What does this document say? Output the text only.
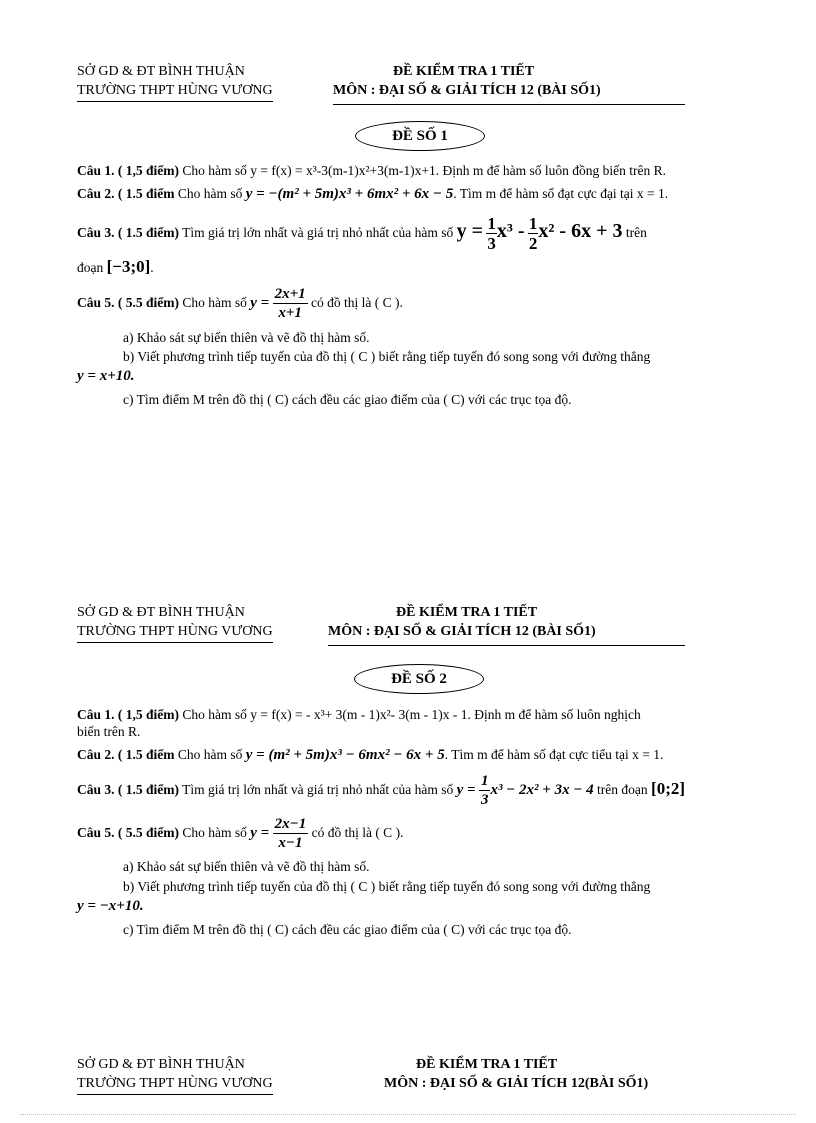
SỞ GD & ĐT BÌNH THUẬN
TRƯỜNG THPT HÙNG VƯƠNG
ĐỀ KIỂM TRA 1 TIẾT
MÔN : ĐẠI SỐ & GIẢI TÍCH 12 (BÀI SỐ1)
ĐỀ SỐ 1
Câu 1. ( 1,5 điểm) Cho hàm số y = f(x) = x³-3(m-1)x²+3(m-1)x+1. Định m để hàm số luôn đồng biến trên R.
Câu 2. ( 1.5 điểm Cho hàm số y = −(m² + 5m)x³ + 6mx² + 6x − 5. Tìm m để hàm số đạt cực đại tại x = 1.
Câu 3. ( 1.5 điểm) Tìm giá trị lớn nhất và giá trị nhỏ nhất của hàm số $y = \frac{1}{3} x^3 - \frac{1}{2} x^2 - 6x + 3$ trên
đoạn [−3;0].
Câu 5. ( 5.5 điểm) Cho hàm số $y = \frac{2x+1}{x+1}$ có đồ thị là ( C ).
a) Khảo sát sự biến thiên và vẽ đồ thị hàm số.
b) Viết phương trình tiếp tuyến của đồ thị ( C ) biết rằng tiếp tuyến đó song song với đường thẳng
y = x+10.
c) Tìm điểm M trên đồ thị ( C) cách đều các giao điểm của ( C) với các trục tọa độ.
SỞ GD & ĐT BÌNH THUẬN
TRƯỜNG THPT HÙNG VƯƠNG
ĐỀ KIỂM TRA 1 TIẾT
MÔN : ĐẠI SỐ & GIẢI TÍCH 12 (BÀI SỐ1)
ĐỀ SỐ 2
Câu 1. ( 1,5 điểm) Cho hàm số y = f(x) = - x³+ 3(m - 1)x²- 3(m - 1)x - 1. Định m để hàm số luôn nghịch
biến trên R.
Câu 2. ( 1.5 điểm Cho hàm số y = (m² + 5m)x³ − 6mx² − 6x + 5. Tìm m để hàm số đạt cực tiểu tại x = 1.
Câu 3. ( 1.5 điểm) Tìm giá trị lớn nhất và giá trị nhỏ nhất của hàm số $y = \frac{1}{3} x^3 - 2x^2 + 3x - 4$ trên đoạn [0;2]
Câu 5. ( 5.5 điểm) Cho hàm số $y = \frac{2x-1}{x-1}$ có đồ thị là ( C ).
a) Khảo sát sự biến thiên và vẽ đồ thị hàm số.
b) Viết phương trình tiếp tuyến của đồ thị ( C ) biết rằng tiếp tuyến đó song song với đường thẳng
y = −x+10.
c) Tìm điểm M trên đồ thị ( C) cách đều các giao điểm của ( C) với các trục tọa độ.
SỞ GD & ĐT BÌNH THUẬN
TRƯỜNG THPT HÙNG VƯƠNG
ĐỀ KIỂM TRA 1 TIẾT
MÔN : ĐẠI SỐ & GIẢI TÍCH 12(BÀI SỐ1)
